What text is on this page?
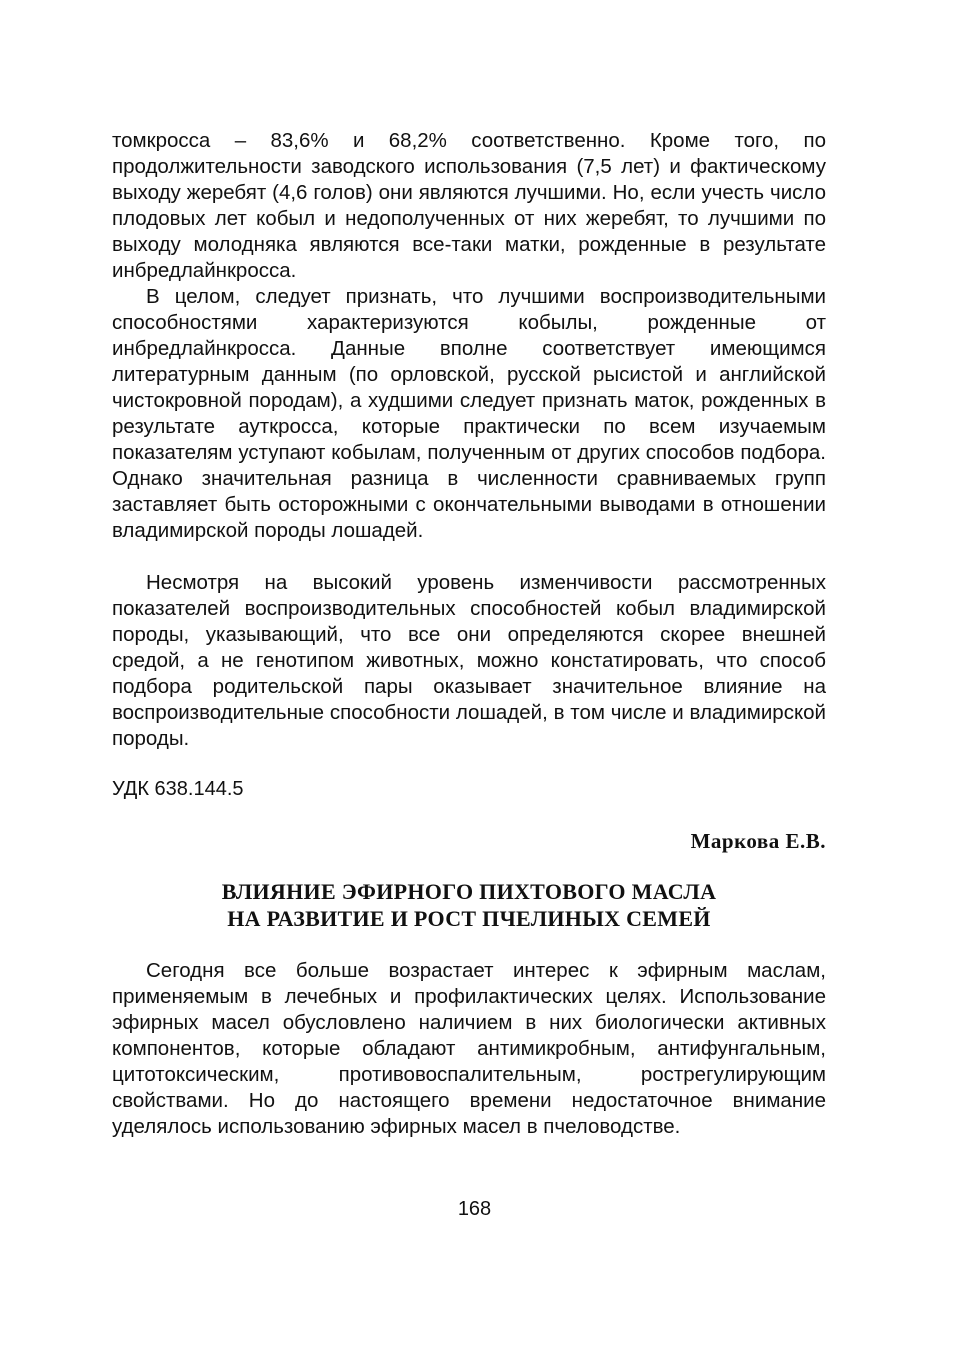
томкросса – 83,6% и 68,2% соответственно. Кроме того, по продолжительности заводского использования (7,5 лет) и фактическому выходу жеребят (4,6 голов) они являются лучшими. Но, если учесть число плодовых лет кобыл и недополученных от них жеребят, то лучшими по выходу молодняка являются все-таки матки, рожденные в результате инбредлайнкросса.

В целом, следует признать, что лучшими воспроизводительными способностями характеризуются кобылы, рожденные от инбредлайнкросса. Данные вполне соответствует имеющимся литературным данным (по орловской, русской рысистой и английской чистокровной породам), а худшими следует признать маток, рожденных в результате ауткросса, которые практически по всем изучаемым показателям уступают кобылам, полученным от других способов подбора. Однако значительная разница в численности сравниваемых групп заставляет быть осторожными с окончательными выводами в отношении владимирской породы лошадей.

Несмотря на высокий уровень изменчивости рассмотренных показателей воспроизводительных способностей кобыл владимирской породы, указывающий, что все они определяются скорее внешней средой, а не генотипом животных, можно констатировать, что способ подбора родительской пары оказывает значительное влияние на воспроизводительные способности лошадей, в том числе и владимирской породы.

УДК 638.144.5
Маркова Е.В.
ВЛИЯНИЕ ЭФИРНОГО ПИХТОВОГО МАСЛА
НА РАЗВИТИЕ И РОСТ ПЧЕЛИНЫХ СЕМЕЙ

Сегодня все больше возрастает интерес к эфирным маслам, применяемым в лечебных и профилактических целях. Использование эфирных масел обусловлено наличием в них биологически активных компонентов, которые обладают антимикробным, антифунгальным, цитотоксическим, противовоспалительным, рострегулирующим свойствами. Но до настоящего времени недостаточное внимание уделялось использованию эфирных масел в пчеловодстве.

168
